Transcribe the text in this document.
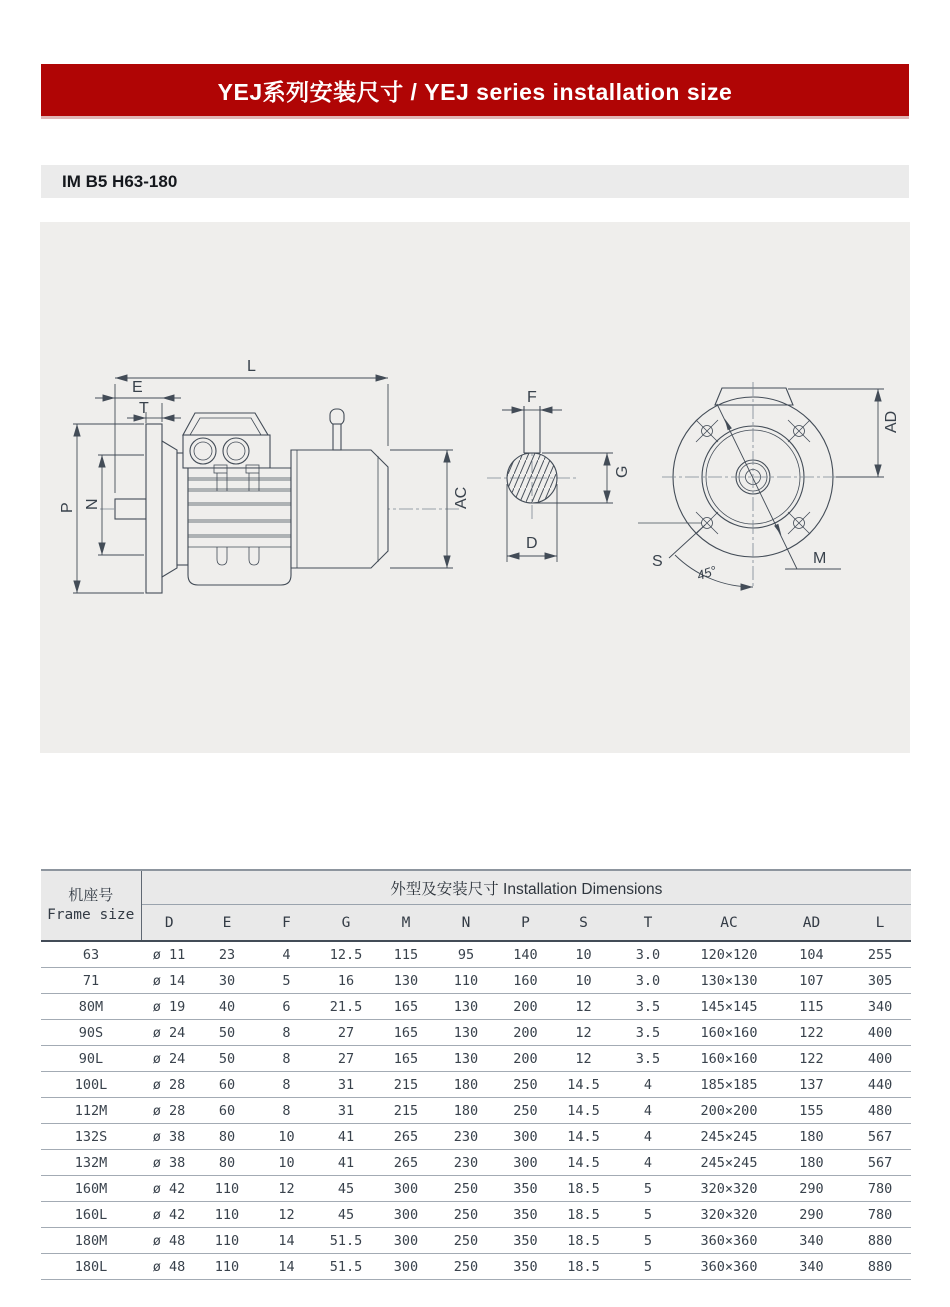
YEJ系列安装尺寸 / YEJ series installation size
IM B5 H63-180
L
E
T
P N	AC
F
G
D
M
S
45°
AD
机座号
Frame size	外型及安装尺寸 Installation Dimensions											
	D	E	F	G	M	N	P	S	T	AC	AD	L
63	ø 11	23	4	12.5	115	95	140	10	3.0	120×120	104	255
71	ø 14	30	5	16	130	110	160	10	3.0	130×130	107	305
80M	ø 19	40	6	21.5	165	130	200	12	3.5	145×145	115	340
90S	ø 24	50	8	27	165	130	200	12	3.5	160×160	122	400
90L	ø 24	50	8	27	165	130	200	12	3.5	160×160	122	400
100L	ø 28	60	8	31	215	180	250	14.5	4	185×185	137	440
112M	ø 28	60	8	31	215	180	250	14.5	4	200×200	155	480
132S	ø 38	80	10	41	265	230	300	14.5	4	245×245	180	567
132M	ø 38	80	10	41	265	230	300	14.5	4	245×245	180	567
160M	ø 42	110	12	45	300	250	350	18.5	5	320×320	290	780
160L	ø 42	110	12	45	300	250	350	18.5	5	320×320	290	780
180M	ø 48	110	14	51.5	300	250	350	18.5	5	360×360	340	880
180L	ø 48	110	14	51.5	300	250	350	18.5	5	360×360	340	880
